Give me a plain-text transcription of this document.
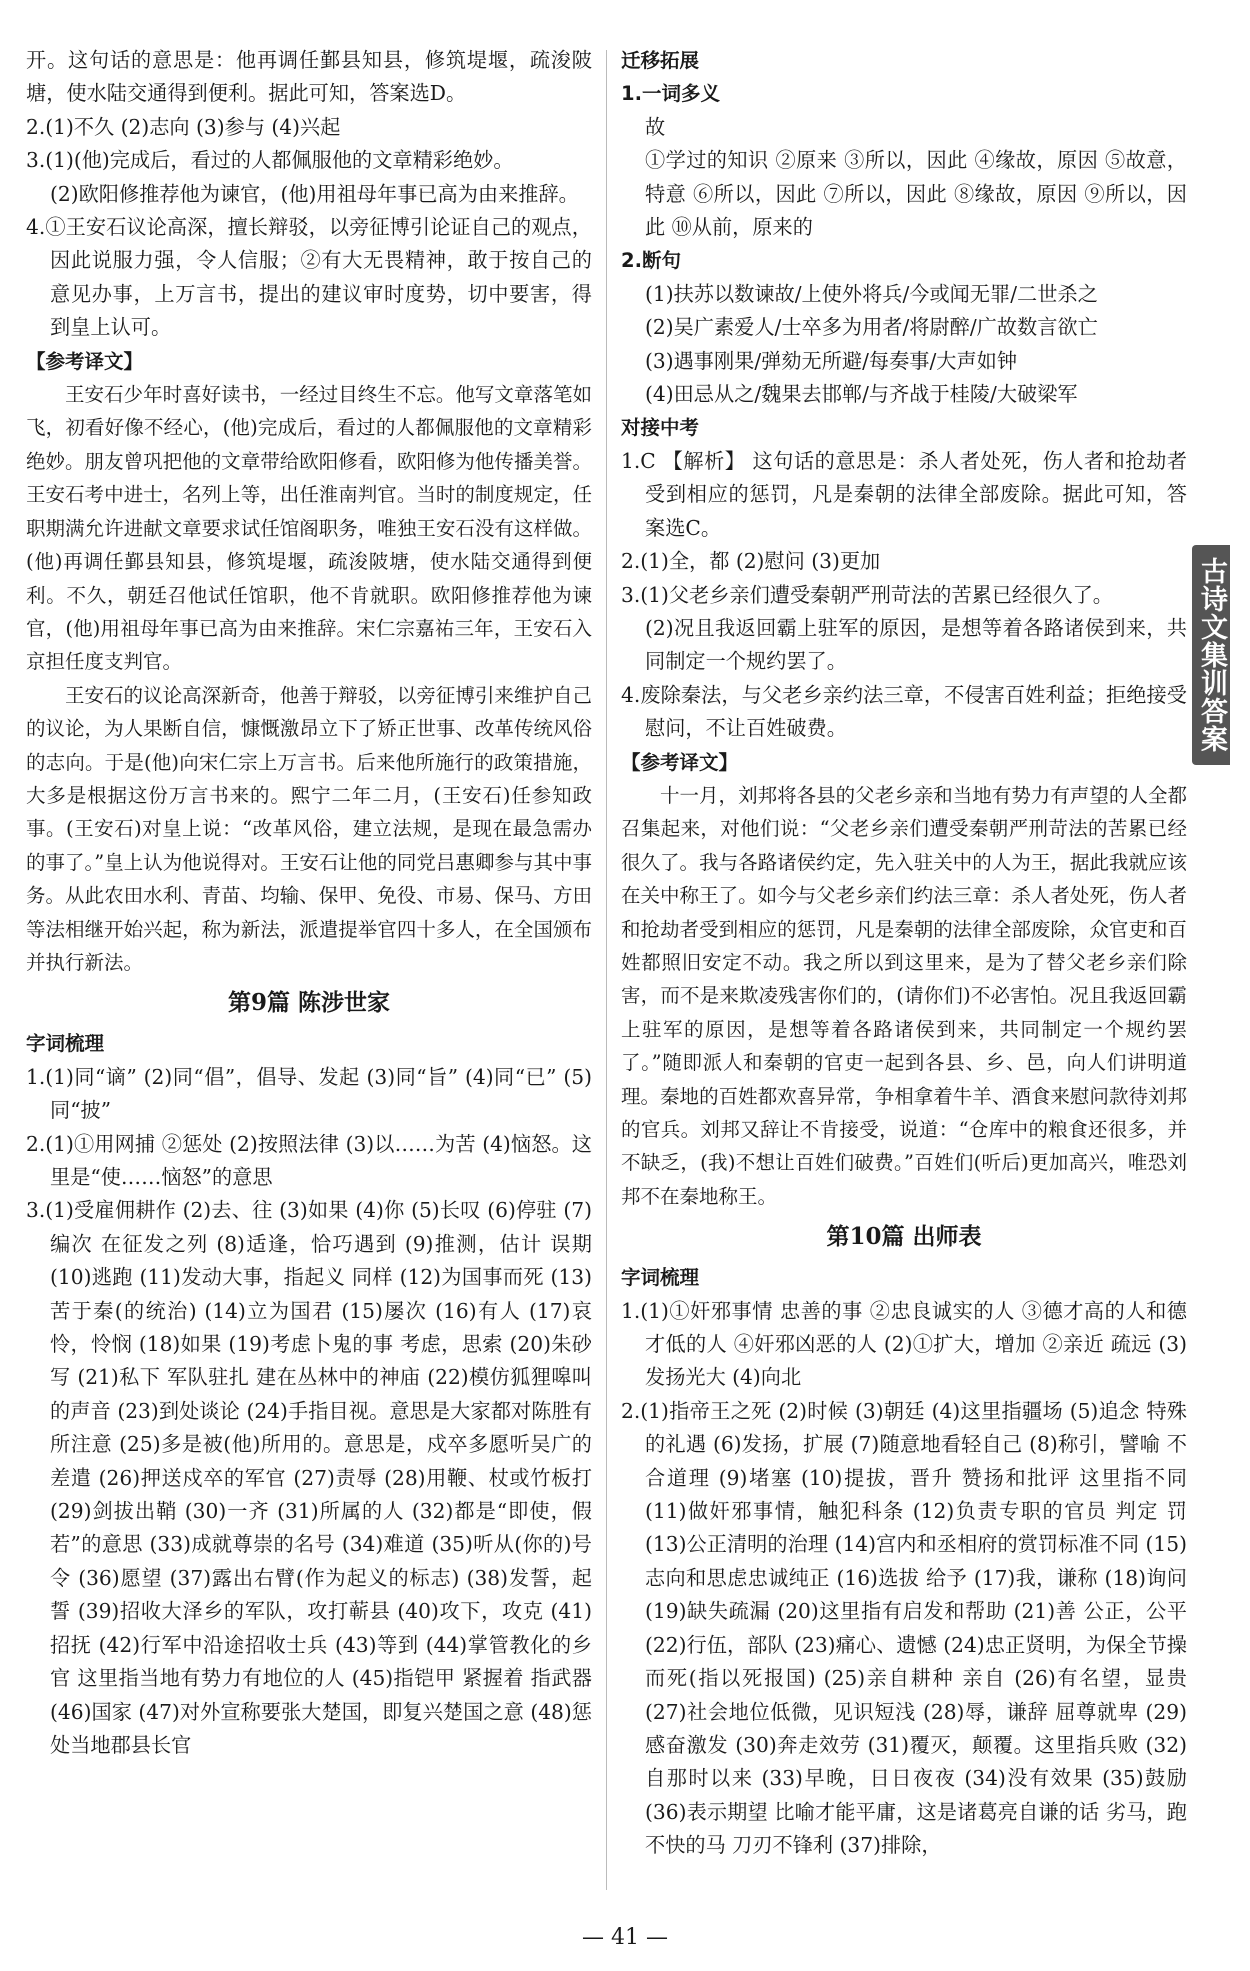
开。这句话的意思是：他再调任鄞县知县，修筑堤堰，疏浚陂塘，使水陆交通得到便利。据此可知，答案选D。

2.(1)不久 (2)志向 (3)参与 (4)兴起

3.(1)(他)完成后，看过的人都佩服他的文章精彩绝妙。

(2)欧阳修推荐他为谏官，(他)用祖母年事已高为由来推辞。

4.①王安石议论高深，擅长辩驳，以旁征博引论证自己的观点，因此说服力强，令人信服；②有大无畏精神，敢于按自己的意见办事，上万言书，提出的建议审时度势，切中要害，得到皇上认可。

【参考译文】

王安石少年时喜好读书，一经过目终生不忘。他写文章落笔如飞，初看好像不经心，(他)完成后，看过的人都佩服他的文章精彩绝妙。朋友曾巩把他的文章带给欧阳修看，欧阳修为他传播美誉。王安石考中进士，名列上等，出任淮南判官。当时的制度规定，任职期满允许进献文章要求试任馆阁职务，唯独王安石没有这样做。(他)再调任鄞县知县，修筑堤堰，疏浚陂塘，使水陆交通得到便利。不久，朝廷召他试任馆职，他不肯就职。欧阳修推荐他为谏官，(他)用祖母年事已高为由来推辞。宋仁宗嘉祐三年，王安石入京担任度支判官。

王安石的议论高深新奇，他善于辩驳，以旁征博引来维护自己的议论，为人果断自信，慷慨激昂立下了矫正世事、改革传统风俗的志向。于是(他)向宋仁宗上万言书。后来他所施行的政策措施，大多是根据这份万言书来的。熙宁二年二月，(王安石)任参知政事。(王安石)对皇上说：“改革风俗，建立法规，是现在最急需办的事了。”皇上认为他说得对。王安石让他的同党吕惠卿参与其中事务。从此农田水利、青苗、均输、保甲、免役、市易、保马、方田等法相继开始兴起，称为新法，派遣提举官四十多人，在全国颁布并执行新法。

第9篇 陈涉世家

字词梳理

1.(1)同“谪” (2)同“倡”，倡导、发起 (3)同“旨” (4)同“已” (5)同“披”

2.(1)①用网捕 ②惩处 (2)按照法律 (3)以……为苦 (4)恼怒。这里是“使……恼怒”的意思

3.(1)受雇佣耕作 (2)去、往 (3)如果 (4)你 (5)长叹 (6)停驻 (7)编次 在征发之列 (8)适逢，恰巧遇到 (9)推测，估计 误期 (10)逃跑 (11)发动大事，指起义 同样 (12)为国事而死 (13)苦于秦(的统治) (14)立为国君 (15)屡次 (16)有人 (17)哀怜，怜悯 (18)如果 (19)考虑卜鬼的事 考虑，思索 (20)朱砂写 (21)私下 军队驻扎 建在丛林中的神庙 (22)模仿狐狸嗥叫的声音 (23)到处谈论 (24)手指目视。意思是大家都对陈胜有所注意 (25)多是被(他)所用的。意思是，戍卒多愿听吴广的差遣 (26)押送戍卒的军官 (27)责辱 (28)用鞭、杖或竹板打 (29)剑拔出鞘 (30)一齐 (31)所属的人 (32)都是“即使，假若”的意思 (33)成就尊崇的名号 (34)难道 (35)听从(你的)号令 (36)愿望 (37)露出右臂(作为起义的标志) (38)发誓，起誓 (39)招收大泽乡的军队，攻打蕲县 (40)攻下，攻克 (41)招抚 (42)行军中沿途招收士兵 (43)等到 (44)掌管教化的乡官 这里指当地有势力有地位的人 (45)指铠甲 紧握着 指武器 (46)国家 (47)对外宣称要张大楚国，即复兴楚国之意 (48)惩处当地郡县长官

迁移拓展

1.一词多义

故

①学过的知识 ②原来 ③所以，因此 ④缘故，原因 ⑤故意，特意 ⑥所以，因此 ⑦所以，因此 ⑧缘故，原因 ⑨所以，因此 ⑩从前，原来的

2.断句

(1)扶苏以数谏故/上使外将兵/今或闻无罪/二世杀之

(2)吴广素爱人/士卒多为用者/将尉醉/广故数言欲亡

(3)遇事刚果/弹劾无所避/每奏事/大声如钟

(4)田忌从之/魏果去邯郸/与齐战于桂陵/大破梁军

对接中考

1.C 【解析】 这句话的意思是：杀人者处死，伤人者和抢劫者受到相应的惩罚，凡是秦朝的法律全部废除。据此可知，答案选C。

2.(1)全，都 (2)慰问 (3)更加

3.(1)父老乡亲们遭受秦朝严刑苛法的苦累已经很久了。

(2)况且我返回霸上驻军的原因，是想等着各路诸侯到来，共同制定一个规约罢了。

4.废除秦法，与父老乡亲约法三章，不侵害百姓利益；拒绝接受慰问，不让百姓破费。

【参考译文】

十一月，刘邦将各县的父老乡亲和当地有势力有声望的人全都召集起来，对他们说：“父老乡亲们遭受秦朝严刑苛法的苦累已经很久了。我与各路诸侯约定，先入驻关中的人为王，据此我就应该在关中称王了。如今与父老乡亲们约法三章：杀人者处死，伤人者和抢劫者受到相应的惩罚，凡是秦朝的法律全部废除，众官吏和百姓都照旧安定不动。我之所以到这里来，是为了替父老乡亲们除害，而不是来欺凌残害你们的，(请你们)不必害怕。况且我返回霸上驻军的原因，是想等着各路诸侯到来，共同制定一个规约罢了。”随即派人和秦朝的官吏一起到各县、乡、邑，向人们讲明道理。秦地的百姓都欢喜异常，争相拿着牛羊、酒食来慰问款待刘邦的官兵。刘邦又辞让不肯接受，说道：“仓库中的粮食还很多，并不缺乏，(我)不想让百姓们破费。”百姓们(听后)更加高兴，唯恐刘邦不在秦地称王。

第10篇 出师表

字词梳理

1.(1)①奸邪事情 忠善的事 ②忠良诚实的人 ③德才高的人和德才低的人 ④奸邪凶恶的人 (2)①扩大，增加 ②亲近 疏远 (3)发扬光大 (4)向北

2.(1)指帝王之死 (2)时候 (3)朝廷 (4)这里指疆场 (5)追念 特殊的礼遇 (6)发扬，扩展 (7)随意地看轻自己 (8)称引，譬喻 不合道理 (9)堵塞 (10)提拔，晋升 赞扬和批评 这里指不同 (11)做奸邪事情，触犯科条 (12)负责专职的官员 判定 罚 (13)公正清明的治理 (14)宫内和丞相府的赏罚标准不同 (15)志向和思虑忠诚纯正 (16)选拔 给予 (17)我，谦称 (18)询问 (19)缺失疏漏 (20)这里指有启发和帮助 (21)善 公正，公平 (22)行伍，部队 (23)痛心、遗憾 (24)忠正贤明，为保全节操而死(指以死报国) (25)亲自耕种 亲自 (26)有名望，显贵 (27)社会地位低微，见识短浅 (28)辱，谦辞 屈尊就卑 (29)感奋激发 (30)奔走效劳 (31)覆灭，颠覆。这里指兵败 (32)自那时以来 (33)早晚，日日夜夜 (34)没有效果 (35)鼓励 (36)表示期望 比喻才能平庸，这是诸葛亮自谦的话 劣马，跑不快的马 刀刃不锋利 (37)排除，

古诗文集训答案
— 41 —
